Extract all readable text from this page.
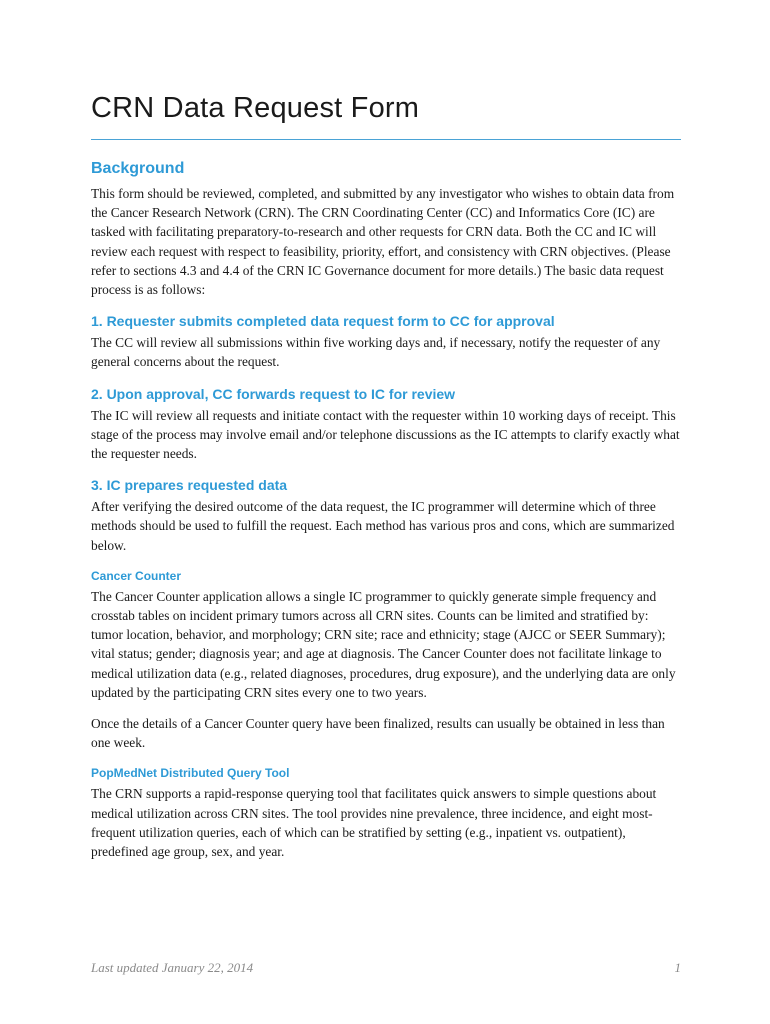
CRN Data Request Form
Background

This form should be reviewed, completed, and submitted by any investigator who wishes to obtain data from the Cancer Research Network (CRN). The CRN Coordinating Center (CC) and Informatics Core (IC) are tasked with facilitating preparatory-to-research and other requests for CRN data. Both the CC and IC will review each request with respect to feasibility, priority, effort, and consistency with CRN objectives. (Please refer to sections 4.3 and 4.4 of the CRN IC Governance document for more details.) The basic data request process is as follows:

1. Requester submits completed data request form to CC for approval

The CC will review all submissions within five working days and, if necessary, notify the requester of any general concerns about the request.

2. Upon approval, CC forwards request to IC for review

The IC will review all requests and initiate contact with the requester within 10 working days of receipt. This stage of the process may involve email and/or telephone discussions as the IC attempts to clarify exactly what the requester needs.

3. IC prepares requested data

After verifying the desired outcome of the data request, the IC programmer will determine which of three methods should be used to fulfill the request. Each method has various pros and cons, which are summarized below.

Cancer Counter

The Cancer Counter application allows a single IC programmer to quickly generate simple frequency and crosstab tables on incident primary tumors across all CRN sites. Counts can be limited and stratified by: tumor location, behavior, and morphology; CRN site; race and ethnicity; stage (AJCC or SEER Summary); vital status; gender; diagnosis year; and age at diagnosis. The Cancer Counter does not facilitate linkage to medical utilization data (e.g., related diagnoses, procedures, drug exposure), and the underlying data are only updated by the participating CRN sites every one to two years.

Once the details of a Cancer Counter query have been finalized, results can usually be obtained in less than one week.

PopMedNet Distributed Query Tool

The CRN supports a rapid-response querying tool that facilitates quick answers to simple questions about medical utilization across CRN sites. The tool provides nine prevalence, three incidence, and eight most-frequent utilization queries, each of which can be stratified by setting (e.g., inpatient vs. outpatient), predefined age group, sex, and year.

Last updated January 22, 2014	1
